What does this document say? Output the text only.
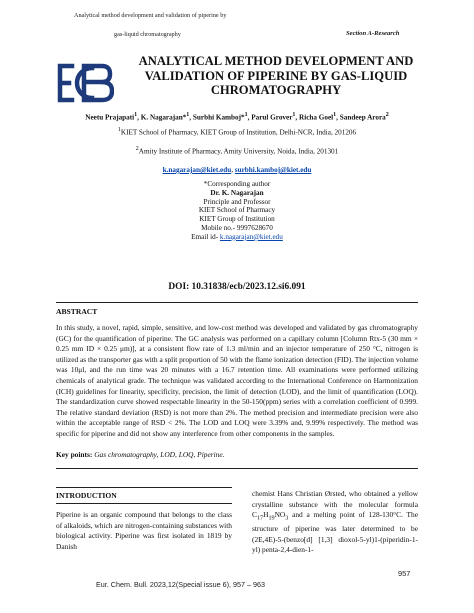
Analytical method development and validation of piperine by
gas-liquid chromatography	Section A-Research
ANALYTICAL METHOD DEVELOPMENT AND
VALIDATION OF PIPERINE BY GAS-LIQUID
CHROMATOGRAPHY
Neetu Prajapati$^1$, K. Nagarajan*$^1$, Surbhi Kamboj*$^1$, Parul Grover$^1$, Richa Goel$^1$, Sandeep Arora$^2$
$^1$KIET School of Pharmacy, KIET Group of Institution, Delhi-NCR, India, 201206
$^2$Amity Institute of Pharmacy, Amity University, Noida, India, 201301
k.nagarajan@kiet.edu, surbhi.kamboj@kiet.edu
*Corresponding author
Dr. K. Nagarajan
Principle and Professor
KIET School of Pharmacy
KIET Group of Institution
Mobile no.- 9997628670
Email id- k.nagarajan@kiet.edu
DOI: 10.31838/ecb/2023.12.si6.091
ABSTRACT
In this study, a novel, rapid, simple, sensitive, and low-cost method was developed and validated by gas chromatography (GC) for the quantification of piperine. The GC analysis was performed on a capillary column [Column Rtx-5 (30 mm × 0.25 mm ID × 0.25 μm)], at a consistent flow rate of 1.3 ml/min and an injector temperature of 250 °C, nitrogen is utilized as the transporter gas with a split proportion of 50 with the flame ionization detection (FID). The injection volume was 10μl, and the run time was 20 minutes with a 16.7 retention time. All examinations were performed utilizing chemicals of analytical grade. The technique was validated according to the International Conference on Harmonization (ICH) guidelines for linearity, specificity, precision, the limit of detection (LOD), and the limit of quantification (LOQ). The standardization curve showed respectable linearity in the 50-150(ppm) series with a correlation coefficient of 0.999. The relative standard deviation (RSD) is not more than 2%. The method precision and intermediate precision were also within the acceptable range of RSD < 2%. The LOD and LOQ were 3.39% and, 9.99% respectively. The method was specific for piperine and did not show any interference from other components in the samples.
Key points: Gas chromatography, LOD, LOQ, Piperine.
INTRODUCTION
Piperine is an organic compound that belongs to the class of alkaloids, which are nitrogen-containing substances with biological activity. Piperine was first isolated in 1819 by Danish
chemist Hans Christian Ørsted, who obtained a yellow crystalline substance with the molecular formula $C_{17}H_{19}NO_3$ and a melting point of 128-130°C. The structure of piperine was later determined to be (2E,4E)-5-(benzo[d] [1,3] dioxol-5-yl)1-(piperidin-1-yl) penta-2,4-dien-1-
957
Eur. Chem. Bull. 2023,12(Special issue 6), 957 – 963
